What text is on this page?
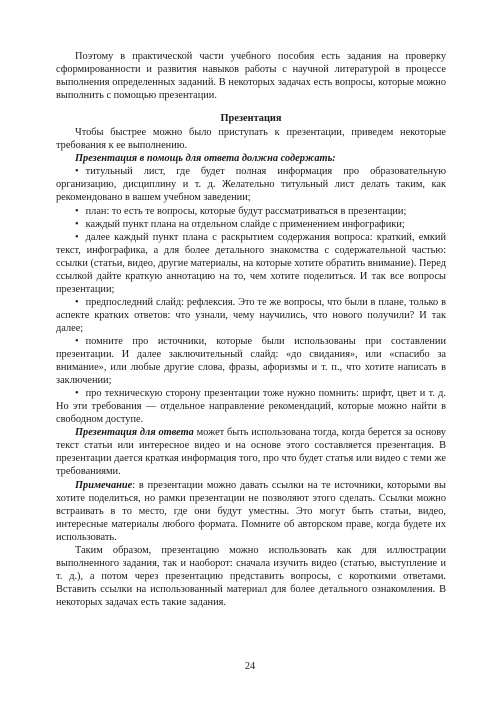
Поэтому в практической части учебного пособия есть задания на проверку сформированности и развития навыков работы с научной литературой в процессе выполнения определенных заданий. В некоторых задачах есть вопросы, которые можно выполнить с помощью презентации.

Презентация

Чтобы быстрее можно было приступать к презентации, приведем некоторые требования к ее выполнению.

Презентация в помощь для ответа должна содержать:

• титульный лист, где будет полная информация про образовательную организацию, дисциплину и т. д. Желательно титульный лист делать таким, как рекомендовано в вашем учебном заведении;

• план: то есть те вопросы, которые будут рассматриваться в презентации;

• каждый пункт плана на отдельном слайде с применением инфографики;

• далее каждый пункт плана с раскрытием содержания вопроса: краткий, емкий текст, инфографика, а для более детального знакомства с содержательной частью: ссылки (статьи, видео, другие материалы, на которые хотите обратить внимание). Перед ссылкой дайте краткую аннотацию на то, чем хотите поделиться. И так все вопросы презентации;

• предпоследний слайд: рефлексия. Это те же вопросы, что были в плане, только в аспекте кратких ответов: что узнали, чему научились, что нового получили? И так далее;

• помните про источники, которые были использованы при составлении презентации. И далее заключительный слайд: «до свидания», или «спасибо за внимание», или любые другие слова, фразы, афоризмы и т. п., что хотите написать в заключении;

• про техническую сторону презентации тоже нужно помнить: шрифт, цвет и т. д. Но эти требования — отдельное направление рекомендаций, которые можно найти в свободном доступе.

Презентация для ответа может быть использована тогда, когда берется за основу текст статьи или интересное видео и на основе этого составляется презентация. В презентации дается краткая информация того, про что будет статья или видео с теми же требованиями.

Примечание: в презентации можно давать ссылки на те источники, которыми вы хотите поделиться, но рамки презентации не позволяют этого сделать. Ссылки можно встраивать в то место, где они будут уместны. Это могут быть статьи, видео, интересные материалы любого формата. Помните об авторском праве, когда будете их использовать.

Таким образом, презентацию можно использовать как для иллюстрации выполненного задания, так и наоборот: сначала изучить видео (статью, выступление и т. д.), а потом через презентацию представить вопросы, с короткими ответами. Вставить ссылки на использованный материал для более детального ознакомления. В некоторых задачах есть такие задания.

24
